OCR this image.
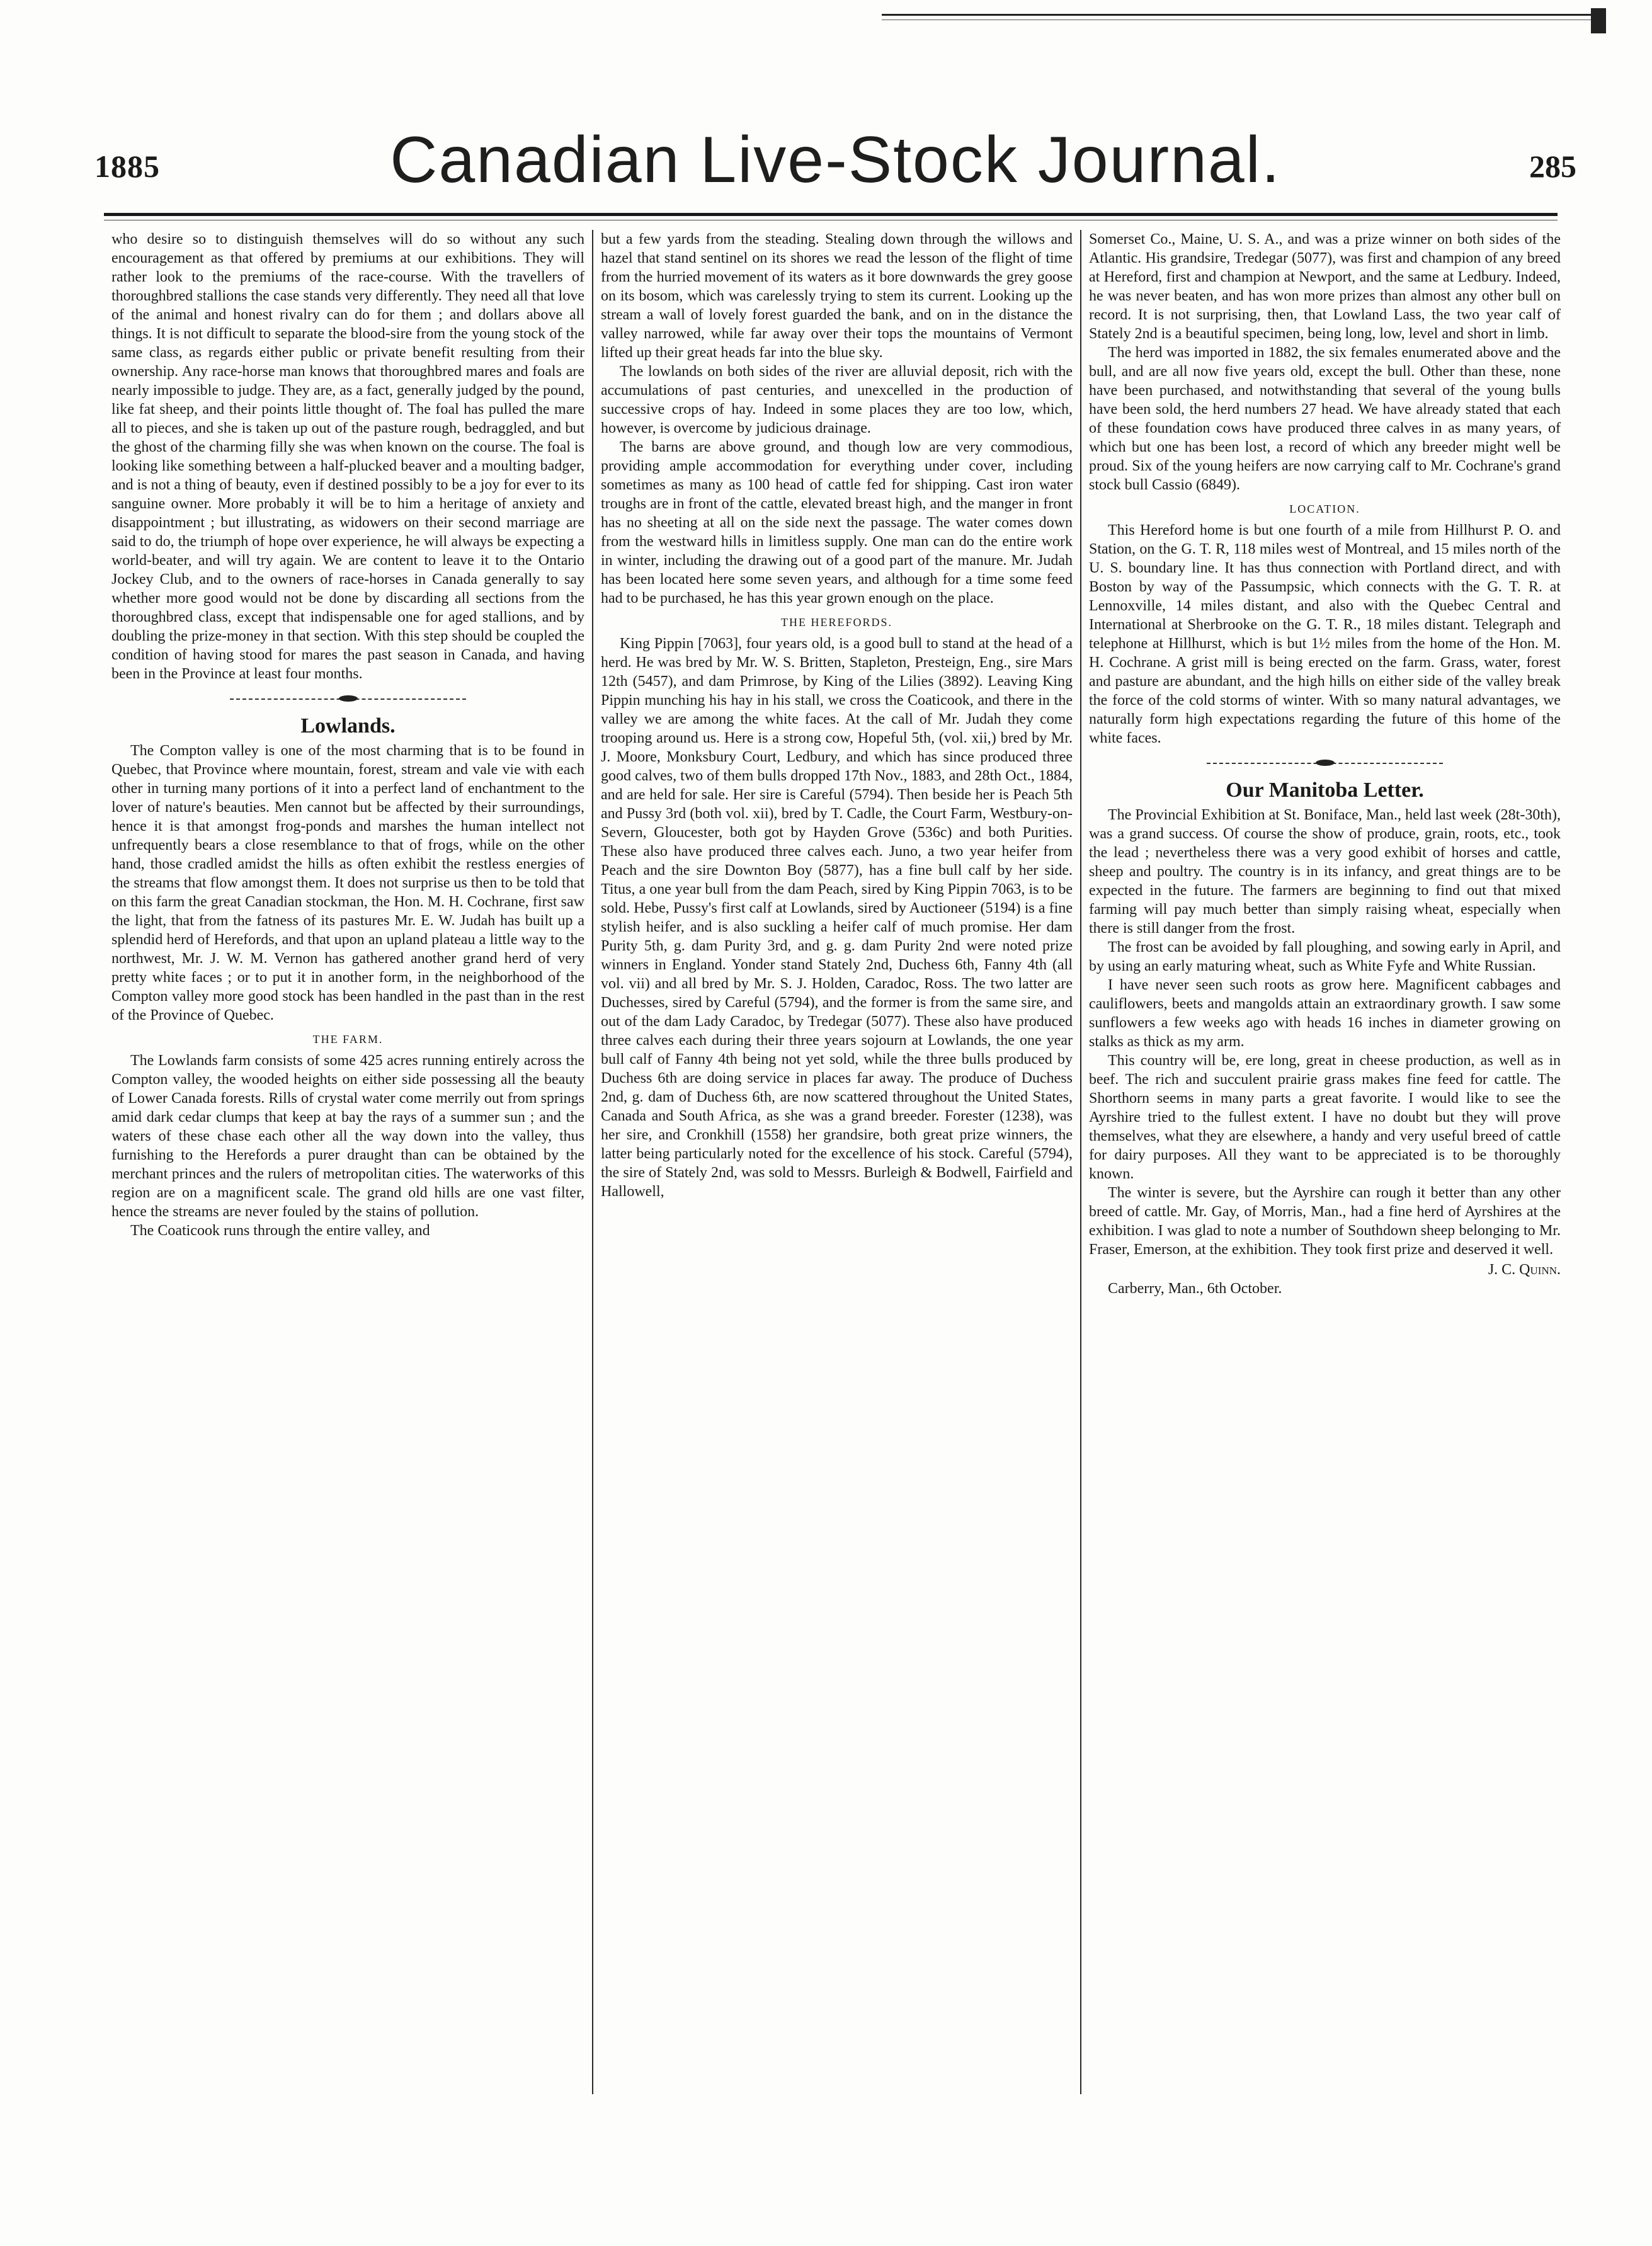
1885	Canadian Live-Stock Journal.	285

who desire so to distinguish themselves will do so without any such encouragement as that offered by premiums at our exhibitions. They will rather look to the premiums of the race-course. With the travellers of thoroughbred stallions the case stands very differently. They need all that love of the animal and honest rivalry can do for them ; and dollars above all things. It is not difficult to separate the blood-sire from the young stock of the same class, as regards either public or private benefit resulting from their ownership. Any race-horse man knows that thoroughbred mares and foals are nearly impossible to judge. They are, as a fact, generally judged by the pound, like fat sheep, and their points little thought of. The foal has pulled the mare all to pieces, and she is taken up out of the pasture rough, bedraggled, and but the ghost of the charming filly she was when known on the course. The foal is looking like something between a half-plucked beaver and a moulting badger, and is not a thing of beauty, even if destined possibly to be a joy for ever to its sanguine owner. More probably it will be to him a heritage of anxiety and disappointment ; but illustrating, as widowers on their second marriage are said to do, the triumph of hope over experience, he will always be expecting a world-beater, and will try again. We are content to leave it to the Ontario Jockey Club, and to the owners of race-horses in Canada generally to say whether more good would not be done by discarding all sections from the thoroughbred class, except that indispensable one for aged stallions, and by doubling the prize-money in that section. With this step should be coupled the condition of having stood for mares the past season in Canada, and having been in the Province at least four months.

Lowlands.

The Compton valley is one of the most charming that is to be found in Quebec, that Province where mountain, forest, stream and vale vie with each other in turning many portions of it into a perfect land of enchantment to the lover of nature's beauties. Men cannot but be affected by their surroundings, hence it is that amongst frog-ponds and marshes the human intellect not unfrequently bears a close resemblance to that of frogs, while on the other hand, those cradled amidst the hills as often exhibit the restless energies of the streams that flow amongst them. It does not surprise us then to be told that on this farm the great Canadian stockman, the Hon. M. H. Cochrane, first saw the light, that from the fatness of its pastures Mr. E. W. Judah has built up a splendid herd of Herefords, and that upon an upland plateau a little way to the northwest, Mr. J. W. M. Vernon has gathered another grand herd of very pretty white faces ; or to put it in another form, in the neighborhood of the Compton valley more good stock has been handled in the past than in the rest of the Province of Quebec.

THE FARM.

The Lowlands farm consists of some 425 acres running entirely across the Compton valley, the wooded heights on either side possessing all the beauty of Lower Canada forests. Rills of crystal water come merrily out from springs amid dark cedar clumps that keep at bay the rays of a summer sun ; and the waters of these chase each other all the way down into the valley, thus furnishing to the Herefords a purer draught than can be obtained by the merchant princes and the rulers of metropolitan cities. The waterworks of this region are on a magnificent scale. The grand old hills are one vast filter, hence the streams are never fouled by the stains of pollution.

The Coaticook runs through the entire valley, and

but a few yards from the steading. Stealing down through the willows and hazel that stand sentinel on its shores we read the lesson of the flight of time from the hurried movement of its waters as it bore downwards the grey goose on its bosom, which was carelessly trying to stem its current. Looking up the stream a wall of lovely forest guarded the bank, and on in the distance the valley narrowed, while far away over their tops the mountains of Vermont lifted up their great heads far into the blue sky.

The lowlands on both sides of the river are alluvial deposit, rich with the accumulations of past centuries, and unexcelled in the production of successive crops of hay. Indeed in some places they are too low, which, however, is overcome by judicious drainage.

The barns are above ground, and though low are very commodious, providing ample accommodation for everything under cover, including sometimes as many as 100 head of cattle fed for shipping. Cast iron water troughs are in front of the cattle, elevated breast high, and the manger in front has no sheeting at all on the side next the passage. The water comes down from the westward hills in limitless supply. One man can do the entire work in winter, including the drawing out of a good part of the manure. Mr. Judah has been located here some seven years, and although for a time some feed had to be purchased, he has this year grown enough on the place.

THE HEREFORDS.

King Pippin [7063], four years old, is a good bull to stand at the head of a herd. He was bred by Mr. W. S. Britten, Stapleton, Presteign, Eng., sire Mars 12th (5457), and dam Primrose, by King of the Lilies (3892). Leaving King Pippin munching his hay in his stall, we cross the Coaticook, and there in the valley we are among the white faces. At the call of Mr. Judah they come trooping around us. Here is a strong cow, Hopeful 5th, (vol. xii,) bred by Mr. J. Moore, Monksbury Court, Ledbury, and which has since produced three good calves, two of them bulls dropped 17th Nov., 1883, and 28th Oct., 1884, and are held for sale. Her sire is Careful (5794). Then beside her is Peach 5th and Pussy 3rd (both vol. xii), bred by T. Cadle, the Court Farm, Westbury-on-Severn, Gloucester, both got by Hayden Grove (536c) and both Purities. These also have produced three calves each. Juno, a two year heifer from Peach and the sire Downton Boy (5877), has a fine bull calf by her side. Titus, a one year bull from the dam Peach, sired by King Pippin 7063, is to be sold. Hebe, Pussy's first calf at Lowlands, sired by Auctioneer (5194) is a fine stylish heifer, and is also suckling a heifer calf of much promise. Her dam Purity 5th, g. dam Purity 3rd, and g. g. dam Purity 2nd were noted prize winners in England. Yonder stand Stately 2nd, Duchess 6th, Fanny 4th (all vol. vii) and all bred by Mr. S. J. Holden, Caradoc, Ross. The two latter are Duchesses, sired by Careful (5794), and the former is from the same sire, and out of the dam Lady Caradoc, by Tredegar (5077). These also have produced three calves each during their three years sojourn at Lowlands, the one year bull calf of Fanny 4th being not yet sold, while the three bulls produced by Duchess 6th are doing service in places far away. The produce of Duchess 2nd, g. dam of Duchess 6th, are now scattered throughout the United States, Canada and South Africa, as she was a grand breeder. Forester (1238), was her sire, and Cronkhill (1558) her grandsire, both great prize winners, the latter being particularly noted for the excellence of his stock. Careful (5794), the sire of Stately 2nd, was sold to Messrs. Burleigh & Bodwell, Fairfield and Hallowell,

Somerset Co., Maine, U. S. A., and was a prize winner on both sides of the Atlantic. His grandsire, Tredegar (5077), was first and champion of any breed at Hereford, first and champion at Newport, and the same at Ledbury. Indeed, he was never beaten, and has won more prizes than almost any other bull on record. It is not surprising, then, that Lowland Lass, the two year calf of Stately 2nd is a beautiful specimen, being long, low, level and short in limb.

The herd was imported in 1882, the six females enumerated above and the bull, and are all now five years old, except the bull. Other than these, none have been purchased, and notwithstanding that several of the young bulls have been sold, the herd numbers 27 head. We have already stated that each of these foundation cows have produced three calves in as many years, of which but one has been lost, a record of which any breeder might well be proud. Six of the young heifers are now carrying calf to Mr. Cochrane's grand stock bull Cassio (6849).

LOCATION.

This Hereford home is but one fourth of a mile from Hillhurst P. O. and Station, on the G. T. R, 118 miles west of Montreal, and 15 miles north of the U. S. boundary line. It has thus connection with Portland direct, and with Boston by way of the Passumpsic, which connects with the G. T. R. at Lennoxville, 14 miles distant, and also with the Quebec Central and International at Sherbrooke on the G. T. R., 18 miles distant. Telegraph and telephone at Hillhurst, which is but 1½ miles from the home of the Hon. M. H. Cochrane. A grist mill is being erected on the farm. Grass, water, forest and pasture are abundant, and the high hills on either side of the valley break the force of the cold storms of winter. With so many natural advantages, we naturally form high expectations regarding the future of this home of the white faces.

Our Manitoba Letter.

The Provincial Exhibition at St. Boniface, Man., held last week (28t-30th), was a grand success. Of course the show of produce, grain, roots, etc., took the lead ; nevertheless there was a very good exhibit of horses and cattle, sheep and poultry. The country is in its infancy, and great things are to be expected in the future. The farmers are beginning to find out that mixed farming will pay much better than simply raising wheat, especially when there is still danger from the frost.

The frost can be avoided by fall ploughing, and sowing early in April, and by using an early maturing wheat, such as White Fyfe and White Russian.

I have never seen such roots as grow here. Magnificent cabbages and cauliflowers, beets and mangolds attain an extraordinary growth. I saw some sunflowers a few weeks ago with heads 16 inches in diameter growing on stalks as thick as my arm.

This country will be, ere long, great in cheese production, as well as in beef. The rich and succulent prairie grass makes fine feed for cattle. The Shorthorn seems in many parts a great favorite. I would like to see the Ayrshire tried to the fullest extent. I have no doubt but they will prove themselves, what they are elsewhere, a handy and very useful breed of cattle for dairy purposes. All they want to be appreciated is to be thoroughly known.

The winter is severe, but the Ayrshire can rough it better than any other breed of cattle. Mr. Gay, of Morris, Man., had a fine herd of Ayrshires at the exhibition. I was glad to note a number of Southdown sheep belonging to Mr. Fraser, Emerson, at the exhibition. They took first prize and deserved it well.

J. C. Quinn.

Carberry, Man., 6th October.
